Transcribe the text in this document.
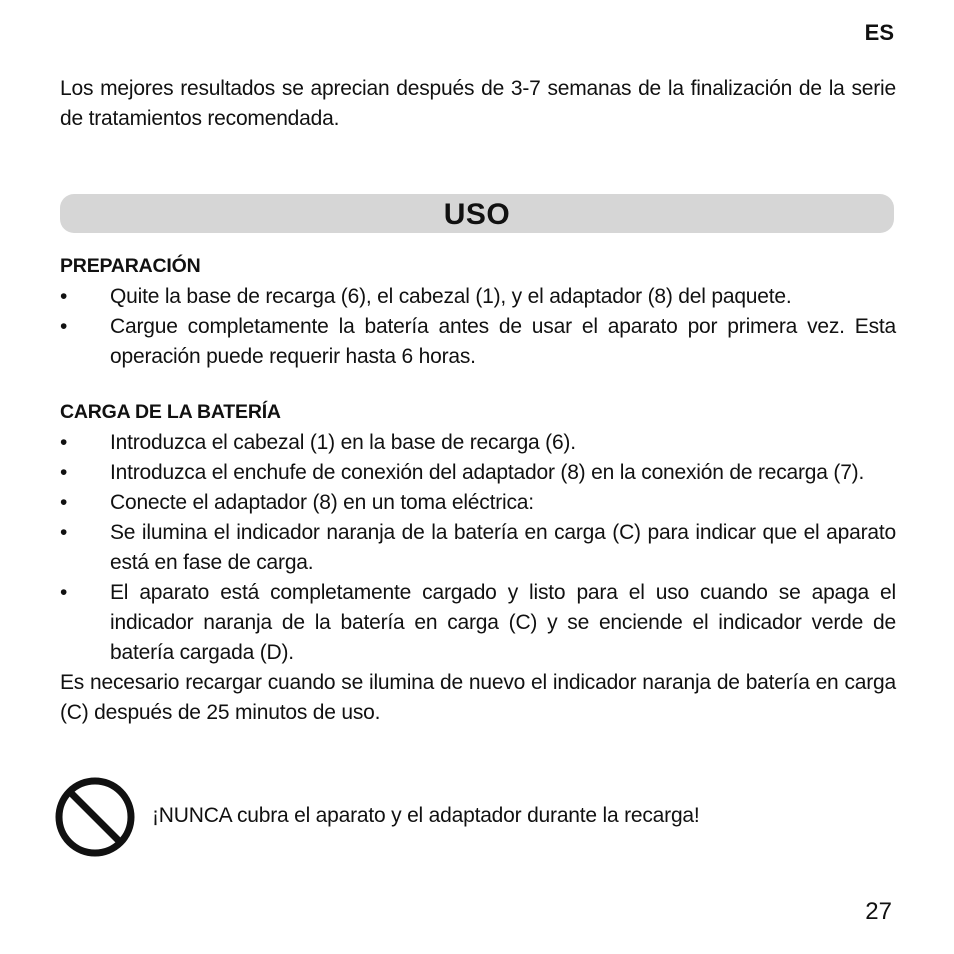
ES
Los mejores resultados se aprecian después de 3-7 semanas de la finalización de la serie de tratamientos recomendada.
USO
PREPARACIÓN
•	Quite la base de recarga (6), el cabezal (1), y el adaptador (8) del paquete.
•	Cargue completamente la batería antes de usar el aparato por primera vez. Esta operación puede requerir hasta 6 horas.
CARGA DE LA BATERÍA
•	Introduzca el cabezal (1) en la base de recarga (6).
•	Introduzca el enchufe de conexión del adaptador (8) en la conexión de recarga (7).
•	Conecte el adaptador (8) en un toma eléctrica:
•	Se ilumina el indicador naranja de la batería en carga (C) para indicar que el aparato está en fase de carga.
•	El aparato está completamente cargado y listo para el uso cuando se apaga el indicador naranja de la batería en carga (C) y se enciende el indicador verde de batería cargada (D).

Es necesario recargar cuando se ilumina de nuevo el indicador naranja de batería en carga (C) después de 25 minutos de uso.

¡NUNCA cubra el aparato y el adaptador durante la recarga!
27
